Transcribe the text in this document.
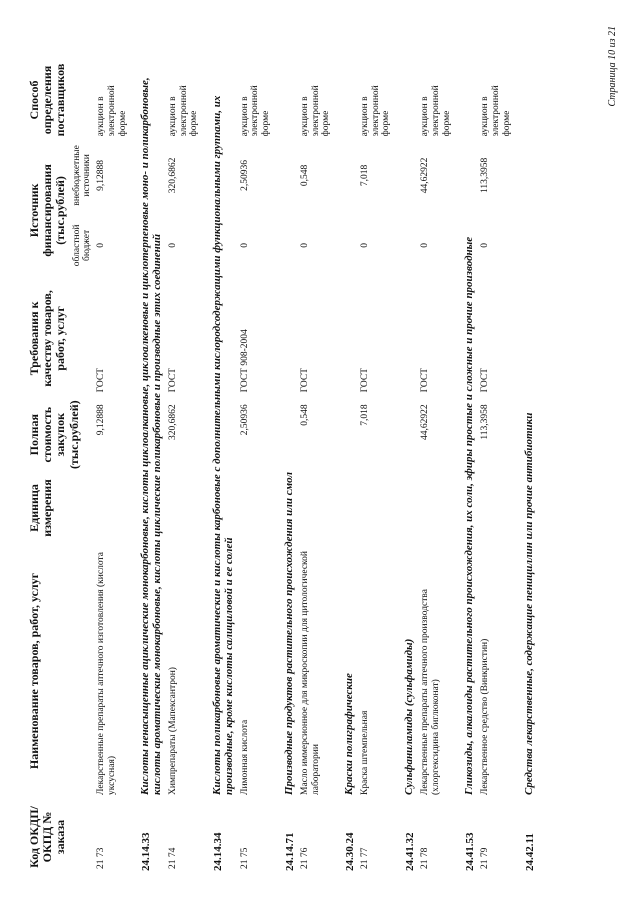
Код ОКДП/ ОКПД № заказа	Наименование товаров, работ, услуг	Единица измерения	Полная стоимость закупок (тыс.рублей)	Требования к качеству товаров, работ, услуг	Источник финансирования (тыс.рублей)		Способ определения поставщиков
					областной бюджет	внебюджетные источники	
21 73	Лекарственные препараты аптечного изготовления (кислота уксусная)		9,12888	ГОСТ	0	9,12888	аукцион в электронной форме
24.14.33	Кислоты ненасыщенные ациклические монокарбоновые, кислоты циклоалкановые, циклоалкеновые и циклотерпеновые моно- и поликарбоновые, кислоты ароматические монокарбоновые, кислоты циклические поликарбоновые и производные этих соединений						
21 74	Химпрепараты (Мапексантрон)		320,6862	ГОСТ	0	320,6862	аукцион в электронной форме
24.14.34	Кислоты поликарбоновые ароматические и кислоты карбоновые с дополнительными кислородсодержащими функциональными группами, их производные, кроме кислоты салициловой и ее солей						
21 75	Лимонная кислота		2,50936	ГОСТ 908-2004	0	2,50936	аукцион в электронной форме
24.14.71	Производные продуктов растительного происхождения или смол						
21 76	Масло иммерсионное для микроскопии для цитологической лаборатории		0,548	ГОСТ	0	0,548	аукцион в электронной форме
24.30.24	Краски полиграфические						
21 77	Краска штемпельная		7,018	ГОСТ	0	7,018	аукцион в электронной форме
24.41.32	Сульфаниламиды (сульфамиды)						
21 78	Лекарственные препараты аптечного производства (хлоргексидина биглюконат)		44,62922	ГОСТ	0	44,62922	аукцион в электронной форме
24.41.53	Гликозиды, алкалоиды растительного происхождения, их соли, эфиры простые и сложные и прочие производные						
21 79	Лекарственное средство (Винкристин)		113,3958	ГОСТ	0	113,3958	аукцион в электронной форме
24.42.11	Средства лекарственные, содержащие пенициллин или прочие антибиотики						
Страница 10 из 21
